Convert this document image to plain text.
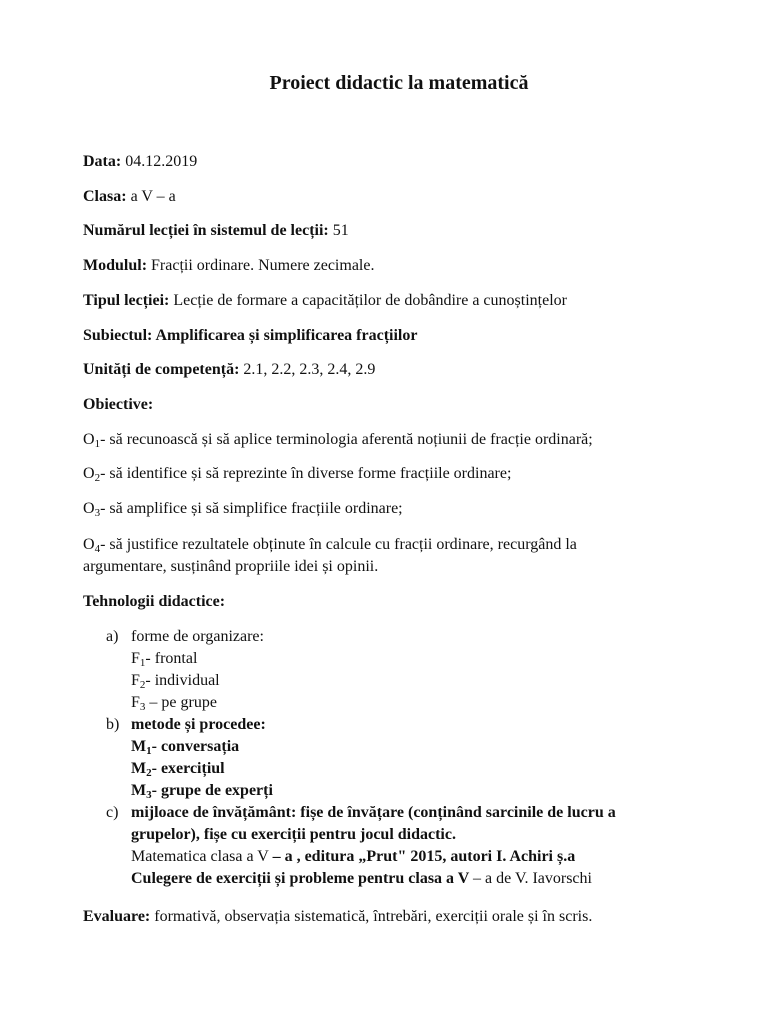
Proiect didactic la matematică
Data: 04.12.2019
Clasa: a V – a
Numărul lecției în sistemul de lecții: 51
Modulul: Fracții ordinare. Numere zecimale.
Tipul lecției: Lecție de formare a capacităților de dobândire a cunoștințelor
Subiectul: Amplificarea și simplificarea fracțiilor
Unități de competență: 2.1, 2.2, 2.3, 2.4, 2.9
Obiective:
$O_1-$ să recunoască și să aplice terminologia aferentă noțiunii de fracție ordinară;
$O_2-$ să identifice și să reprezinte în diverse forme fracțiile ordinare;
$O_3-$ să amplifice și să simplifice fracțiile ordinare;
$O_4-$ să justifice rezultatele obținute în calcule cu fracții ordinare, recurgând la
argumentare, susținând propriile idei și opinii.
Tehnologii didactice:
a) forme de organizare:
$F_1-$ frontal
$F_2-$ individual
$F_3$ – pe grupe
b) metode și procedee:
$M_1-$ conversația
$M_2-$ exercițiul
$M_3-$ grupe de experți
c) mijloace de învățământ: fișe de învățare (conținând sarcinile de lucru a
grupelor), fișe cu exerciții pentru jocul didactic.
Matematica clasa a V – a , editura „Prut" 2015, autori I. Achiri ș.a
Culegere de exerciții și probleme pentru clasa a V – a de V. Iavorschi
Evaluare: formativă, observația sistematică, întrebări, exerciții orale și în scris.
